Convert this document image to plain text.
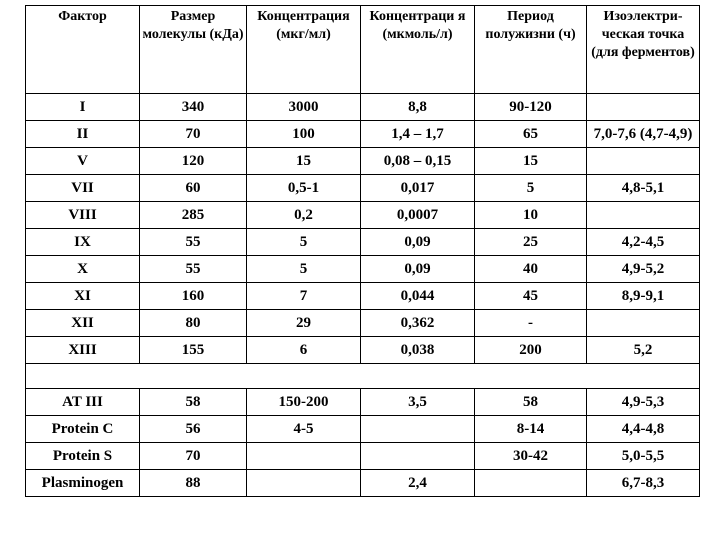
Фактор	Размер молекулы (кДа)	Концентрация (мкг/мл)	Концентраци я (мкмоль/л)	Период полужизни (ч)	Изоэлектри-ческая точка (для ферментов)
I	340	3000	8,8	90-120	
II	70	100	1,4 – 1,7	65	7,0-7,6 (4,7-4,9)
V	120	15	0,08 – 0,15	15	
VII	60	0,5-1	0,017	5	4,8-5,1
VIII	285	0,2	0,0007	10	
IX	55	5	0,09	25	4,2-4,5
X	55	5	0,09	40	4,9-5,2
XI	160	7	0,044	45	8,9-9,1
XII	80	29	0,362	-	
XIII	155	6	0,038	200	5,2

AT III	58	150-200	3,5	58	4,9-5,3
Protein C	56	4-5		8-14	4,4-4,8
Protein S	70			30-42	5,0-5,5
Plasminogen	88		2,4		6,7-8,3
